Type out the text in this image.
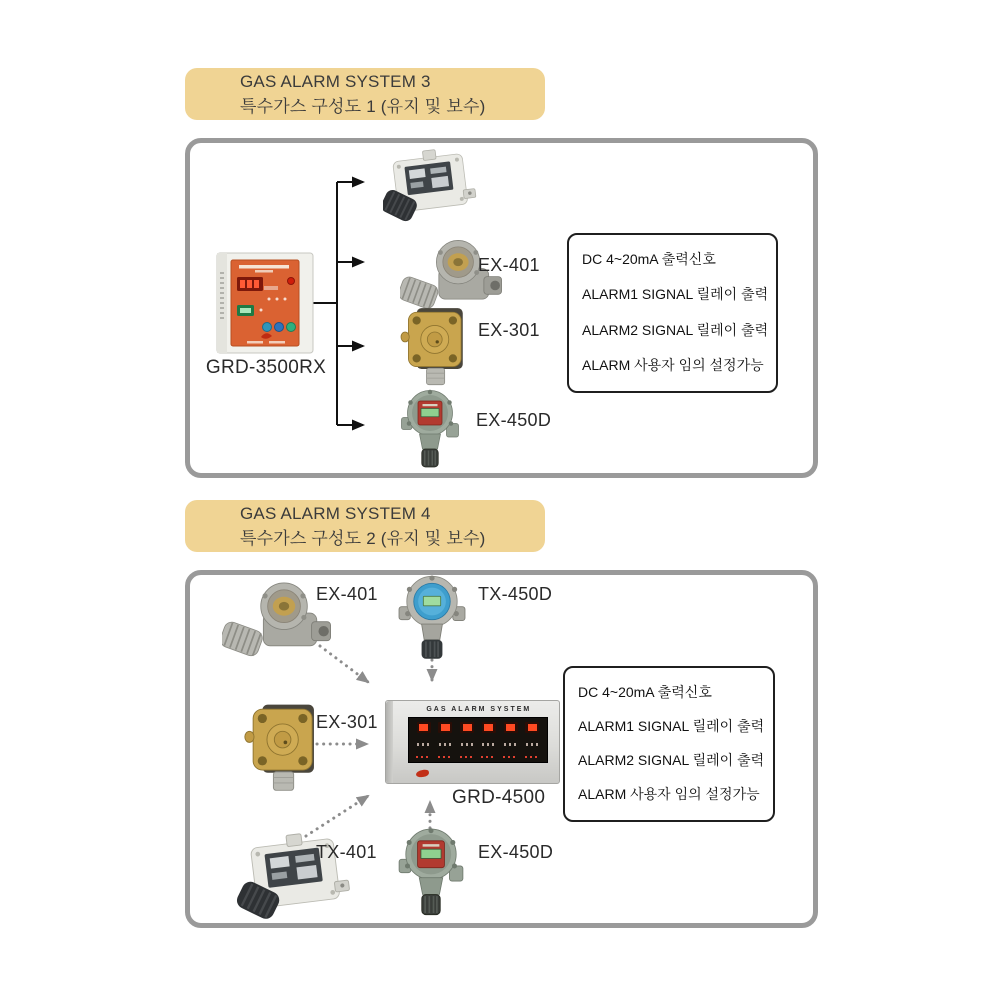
GAS ALARM SYSTEM 3
특수가스 구성도 1 (유지 및 보수)
GAS ALARM SYSTEM 4
특수가스 구성도 2 (유지 및 보수)
GRD-3500RX
EX-401
EX-301
EX-450D
DC 4~20mA 출력신호
ALARM1 SIGNAL 릴레이 출력
ALARM2 SIGNAL 릴레이 출력
ALARM 사용자 임의 설정가능
EX-401	TX-450D
EX-301
TX-401	EX-450D
GAS ALARM SYSTEM
GRD-4500
DC 4~20mA 출력신호
ALARM1 SIGNAL 릴레이 출력
ALARM2 SIGNAL 릴레이 출력
ALARM 사용자 임의 설정가능
